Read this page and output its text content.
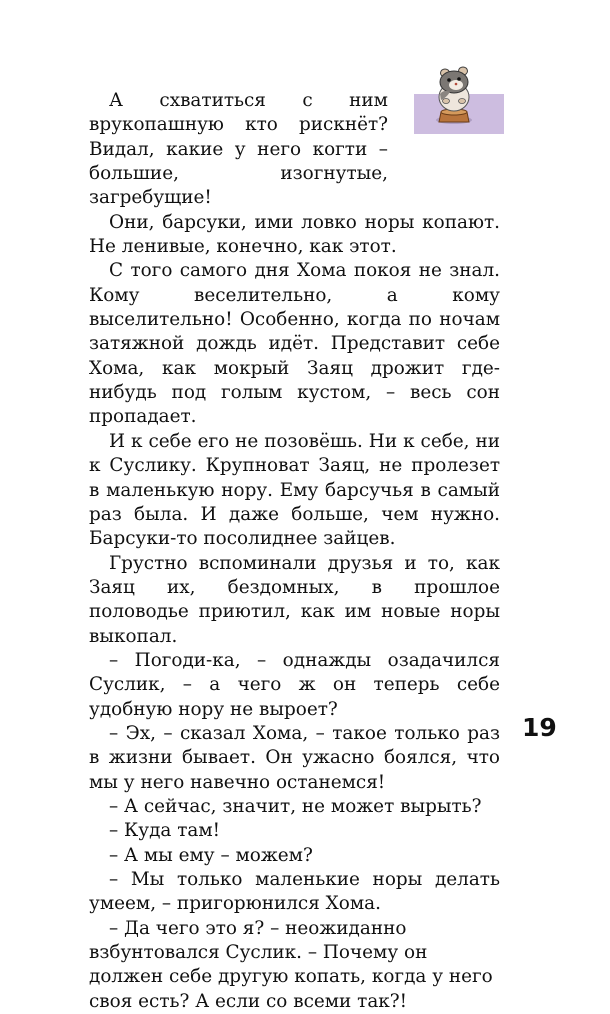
А схватиться с ним врукопашную кто рискнёт? Видал, какие у него когти – большие, изогнутые, загребущие!

Они, барсуки, ими ловко норы копают. Не ленивые, конечно, как этот.

С того самого дня Хома покоя не знал. Кому веселительно, а кому выселительно! Особенно, когда по ночам затяжной дождь идёт. Представит себе Хома, как мокрый Заяц дрожит где-нибудь под голым кустом, – весь сон пропадает.

И к себе его не позовёшь. Ни к себе, ни к Суслику. Крупноват Заяц, не пролезет в маленькую нору. Ему барсучья в самый раз была. И даже больше, чем нужно. Барсуки-то посолиднее зайцев.

Грустно вспоминали друзья и то, как Заяц их, бездомных, в прошлое половодье приютил, как им новые норы выкопал.

– Погоди-ка, – однажды озадачился Суслик, – а чего ж он теперь себе удобную нору не выроет?

– Эх, – сказал Хома, – такое только раз в жизни бывает. Он ужасно боялся, что мы у него навечно останемся!

– А сейчас, значит, не может вырыть?

– Куда там!

– А мы ему – можем?

– Мы только маленькие норы делать умеем, – пригорюнился Хома.

– Да чего это я? – неожиданно взбунтовался Суслик. – Почему он должен себе другую копать, когда у него своя есть? А если со всеми так?!

19
